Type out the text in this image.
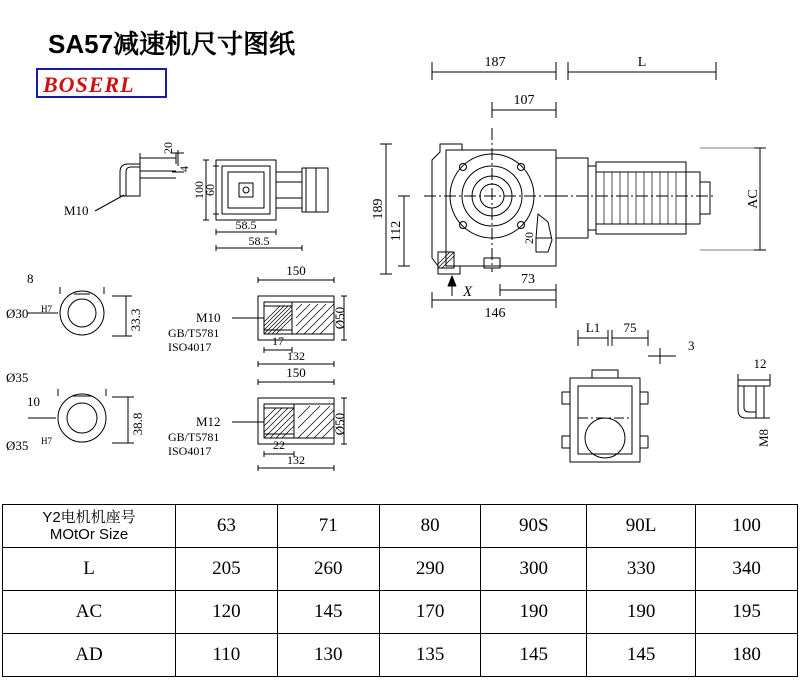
SA57减速机尺寸图纸
BOSERL
187	L
107
189
112
AC
146
73
X
20
20
4
M10
100
60
58.5
58.5
8
Ø30 H7	33.3
Ø35
10
Ø35 H7
38.8
150
17
132
Ø50
M10
GB/T5781
ISO4017
150
22
132
Ø50
M12
GB/T5781
ISO4017
L1 75
3
12
M8
Y2电机机座号
MOtOr Size	63	71	80	90S	90L	100
L	205	260	290	300	330	340
AC	120	145	170	190	190	195
AD	110	130	135	145	145	180
